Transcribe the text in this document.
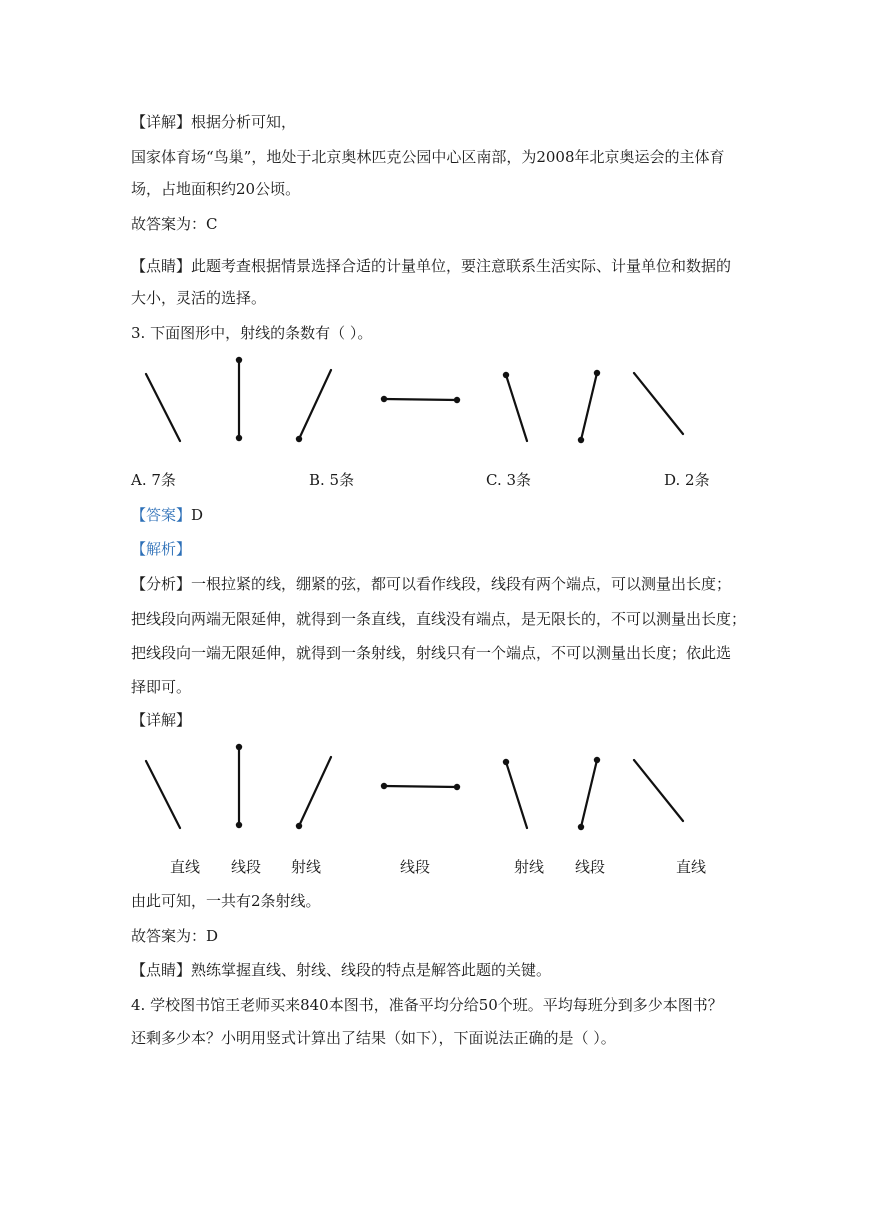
【详解】根据分析可知，
国家体育场“鸟巢”，地处于北京奥林匹克公园中心区南部，为2008年北京奥运会的主体育
场，占地面积约20公顷。
故答案为：C
【点睛】此题考查根据情景选择合适的计量单位，要注意联系生活实际、计量单位和数据的
大小，灵活的选择。
3. 下面图形中，射线的条数有（ ）。
A. 7条	B. 5条	C. 3条	D. 2条
【答案】D
【解析】
【分析】一根拉紧的线，绷紧的弦，都可以看作线段，线段有两个端点，可以测量出长度；
把线段向两端无限延伸，就得到一条直线，直线没有端点，是无限长的，不可以测量出长度；
把线段向一端无限延伸，就得到一条射线，射线只有一个端点，不可以测量出长度；依此选
择即可。
【详解】
直线 线段 射线	线段	射线 线段	直线
由此可知，一共有2条射线。
故答案为：D
【点睛】熟练掌握直线、射线、线段的特点是解答此题的关键。
4. 学校图书馆王老师买来840本图书，准备平均分给50个班。平均每班分到多少本图书？
还剩多少本？小明用竖式计算出了结果（如下），下面说法正确的是（ ）。
